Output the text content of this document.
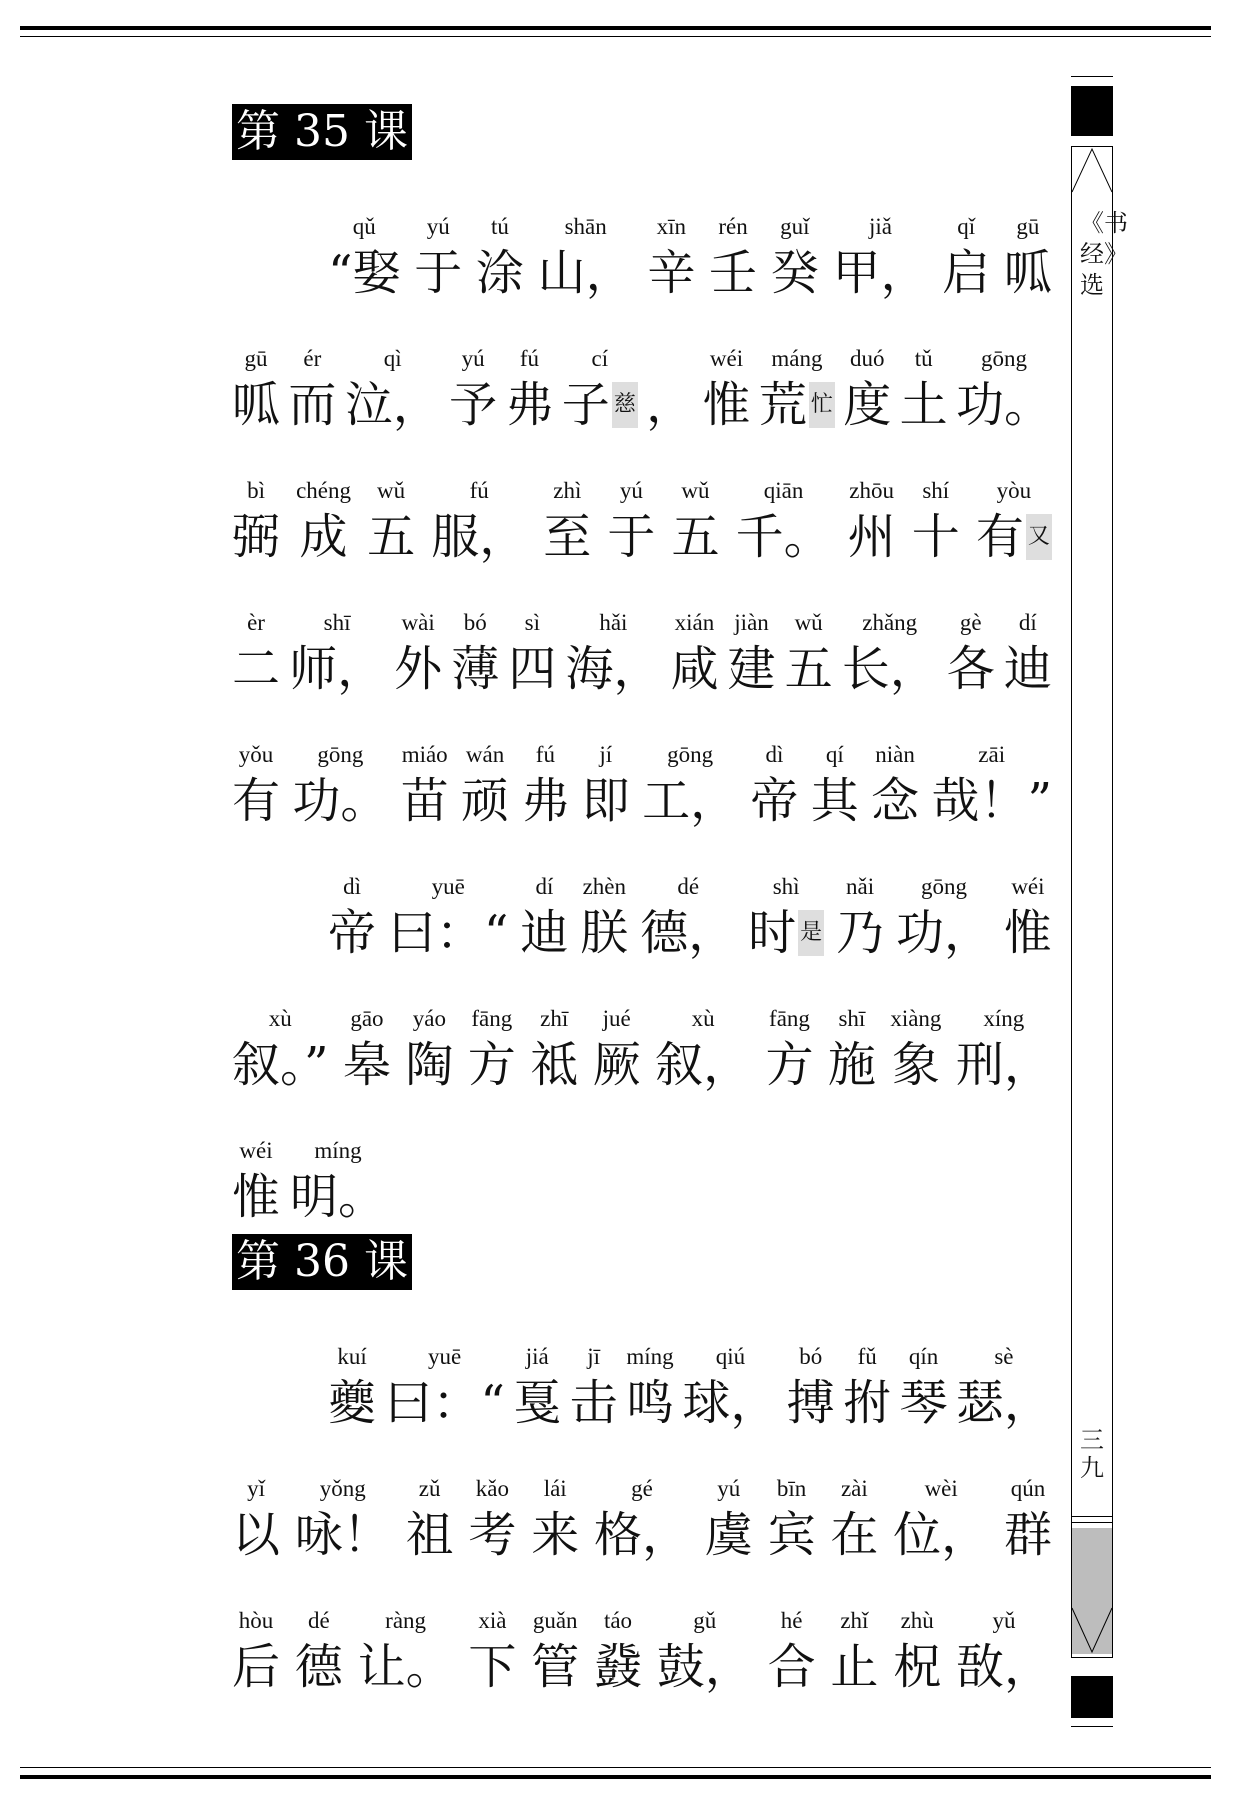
《书经》选
三九
第 35 课
qǔ
“娶
yú
于
tú
涂
shān
山，
xīn
辛
rén
壬
guǐ
癸
jiǎ
甲，
qǐ
启
gū
呱
gū
呱
ér
而
qì
泣，
yú
予
fú
弗
cí
子 慈 ，
wéi
惟
máng
荒 忙
duó
度
tǔ
土
gōng
功。
bì
弼
chéng
成
wǔ
五
fú
服，
zhì
至
yú
于
wǔ
五
qiān
千。
zhōu
州
shí
十
yòu
有 又
èr
二
shī
师，
wài
外
bó
薄
sì
四
hǎi
海，
xián
咸
jiàn
建
wǔ
五
zhǎng
长，
gè
各
dí
迪
yǒu
有
gōng
功。
miáo
苗
wán
顽
fú
弗
jí
即
gōng
工，
dì
帝
qí
其
niàn
念
zāi
哉！”
dì
帝
yuē
曰：“
dí
迪
zhèn
朕
dé
德，
shì
时 是
nǎi
乃
gōng
功，
wéi
惟
xù
叙。”
gāo
皋
yáo
陶
fāng
方
zhī
祗
jué
厥
xù
叙，
fāng
方
shī
施
xiàng
象
xíng
刑，
wéi
惟
míng
明。
第 36 课
kuí
夔
yuē
曰：“
jiá
戛
jī
击
míng
鸣
qiú
球，
bó
搏
fǔ
拊
qín
琴
sè
瑟，
yǐ
以
yǒng
咏！
zǔ
祖
kǎo
考
lái
来
gé
格，
yú
虞
bīn
宾
zài
在
wèi
位，
qún
群
hòu
后
dé
德
ràng
让。
xià
下
guǎn
管
táo
鼗
gǔ
鼓，
hé
合
zhǐ
止
zhù
柷
yǔ
敔，
